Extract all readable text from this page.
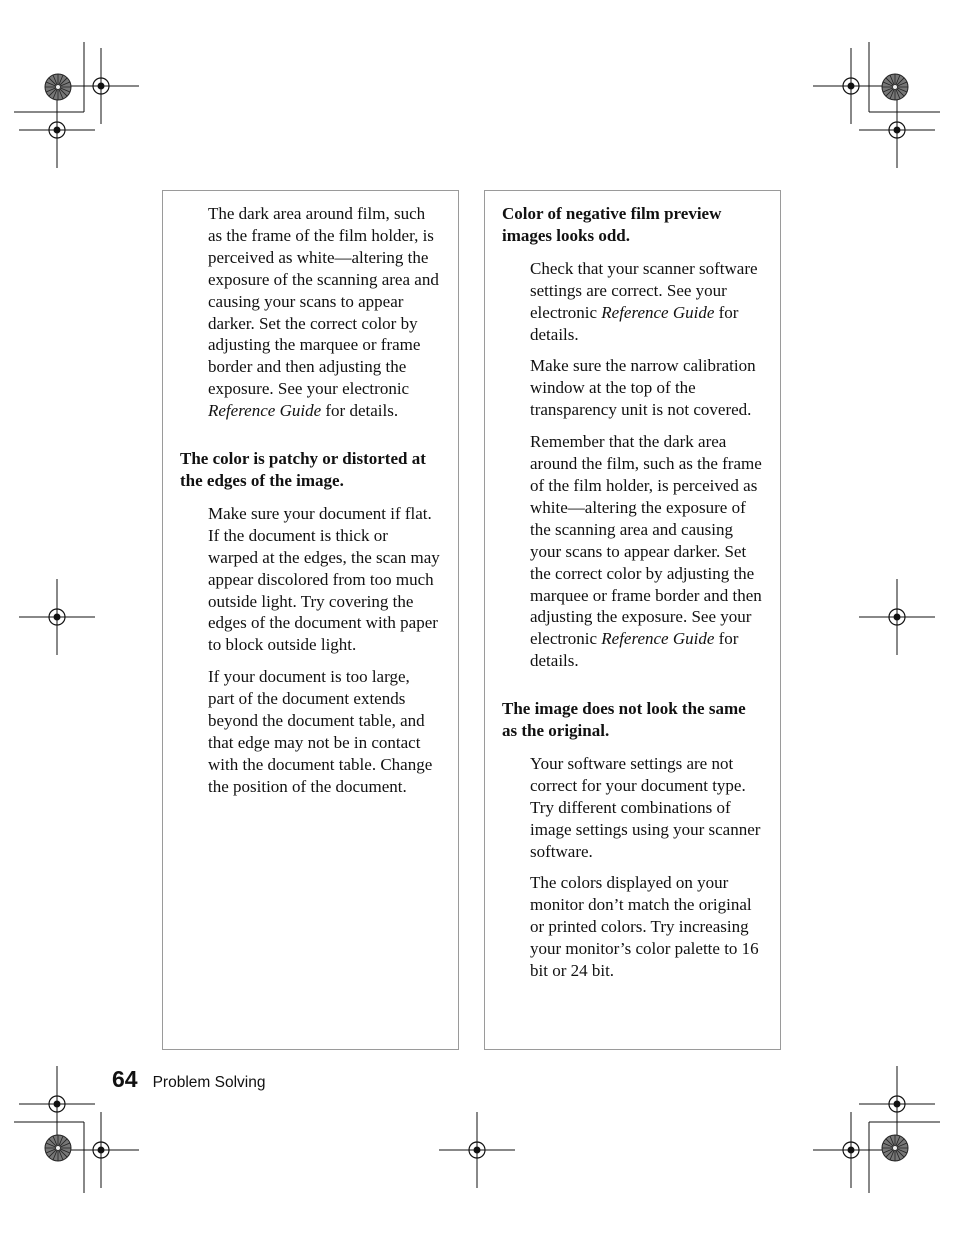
The dark area around film, such as the frame of the film holder, is perceived as white—altering the exposure of the scanning area and causing your scans to appear darker. Set the correct color by adjusting the marquee or frame border and then adjusting the exposure. See your electronic Reference Guide for details.

The color is patchy or distorted at the edges of the image.

Make sure your document if flat. If the document is thick or warped at the edges, the scan may appear discolored from too much outside light. Try covering the edges of the document with paper to block outside light.

If your document is too large, part of the document extends beyond the document table, and that edge may not be in contact with the document table. Change the position of the document.

Color of negative film preview images looks odd.

Check that your scanner software settings are correct. See your electronic Reference Guide for details.

Make sure the narrow calibration window at the top of the transparency unit is not covered.

Remember that the dark area around the film, such as the frame of the film holder, is perceived as white—altering the exposure of the scanning area and causing your scans to appear darker. Set the correct color by adjusting the marquee or frame border and then adjusting the exposure. See your electronic Reference Guide for details.

The image does not look the same as the original.

Your software settings are not correct for your document type. Try different combinations of image settings using your scanner software.

The colors displayed on your monitor don’t match the original or printed colors. Try increasing your monitor’s color palette to 16 bit or 24 bit.

64 Problem Solving
